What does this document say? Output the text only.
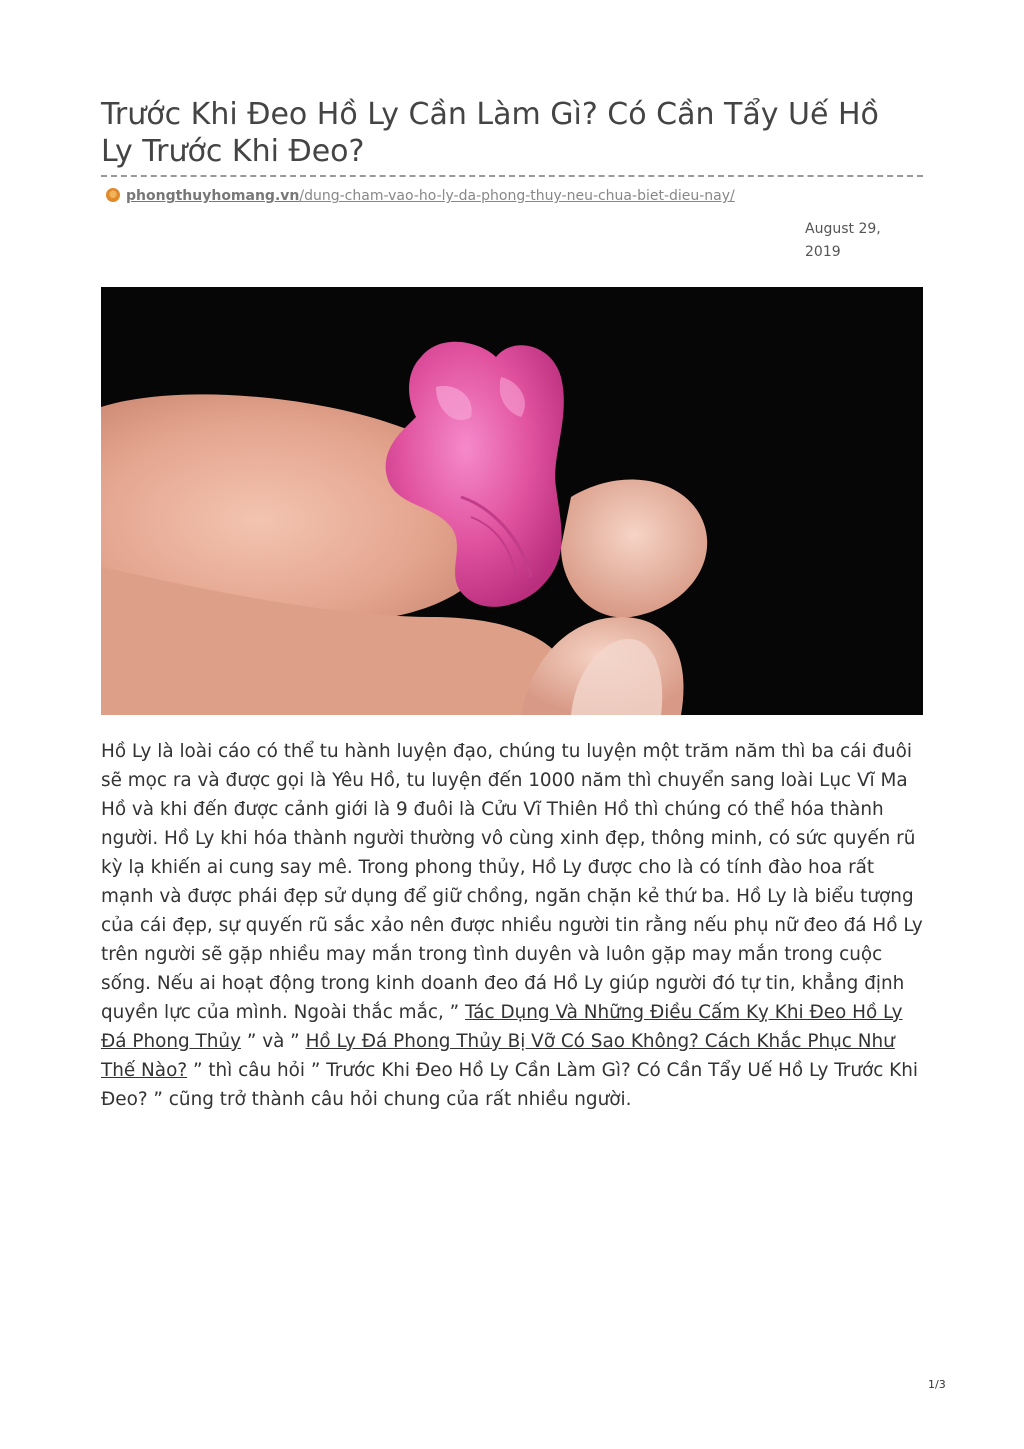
Trước Khi Đeo Hồ Ly Cần Làm Gì? Có Cần Tẩy Uế Hồ Ly Trước Khi Đeo?
phongthuyhomang.vn/dung-cham-vao-ho-ly-da-phong-thuy-neu-chua-biet-dieu-nay/
August 29, 2019

Hồ Ly là loài cáo có thể tu hành luyện đạo, chúng tu luyện một trăm năm thì ba cái đuôi sẽ mọc ra và được gọi là Yêu Hồ, tu luyện đến 1000 năm thì chuyển sang loài Lục Vĩ Ma Hồ và khi đến được cảnh giới là 9 đuôi là Cửu Vĩ Thiên Hồ thì chúng có thể hóa thành người. Hồ Ly khi hóa thành người thường vô cùng xinh đẹp, thông minh, có sức quyến rũ kỳ lạ khiến ai cung say mê. Trong phong thủy, Hồ Ly được cho là có tính đào hoa rất mạnh và được phái đẹp sử dụng để giữ chồng, ngăn chặn kẻ thứ ba. Hồ Ly là biểu tượng của cái đẹp, sự quyến rũ sắc xảo nên được nhiều người tin rằng nếu phụ nữ đeo đá Hồ Ly trên người sẽ gặp nhiều may mắn trong tình duyên và luôn gặp may mắn trong cuộc sống. Nếu ai hoạt động trong kinh doanh đeo đá Hồ Ly giúp người đó tự tin, khẳng định quyền lực của mình. Ngoài thắc mắc, ” Tác Dụng Và Những Điều Cấm Kỵ Khi Đeo Hồ Ly Đá Phong Thủy ” và ” Hồ Ly Đá Phong Thủy Bị Vỡ Có Sao Không? Cách Khắc Phục Như Thế Nào? ” thì câu hỏi ” Trước Khi Đeo Hồ Ly Cần Làm Gì? Có Cần Tẩy Uế Hồ Ly Trước Khi Đeo? ” cũng trở thành câu hỏi chung của rất nhiều người.

1/3
